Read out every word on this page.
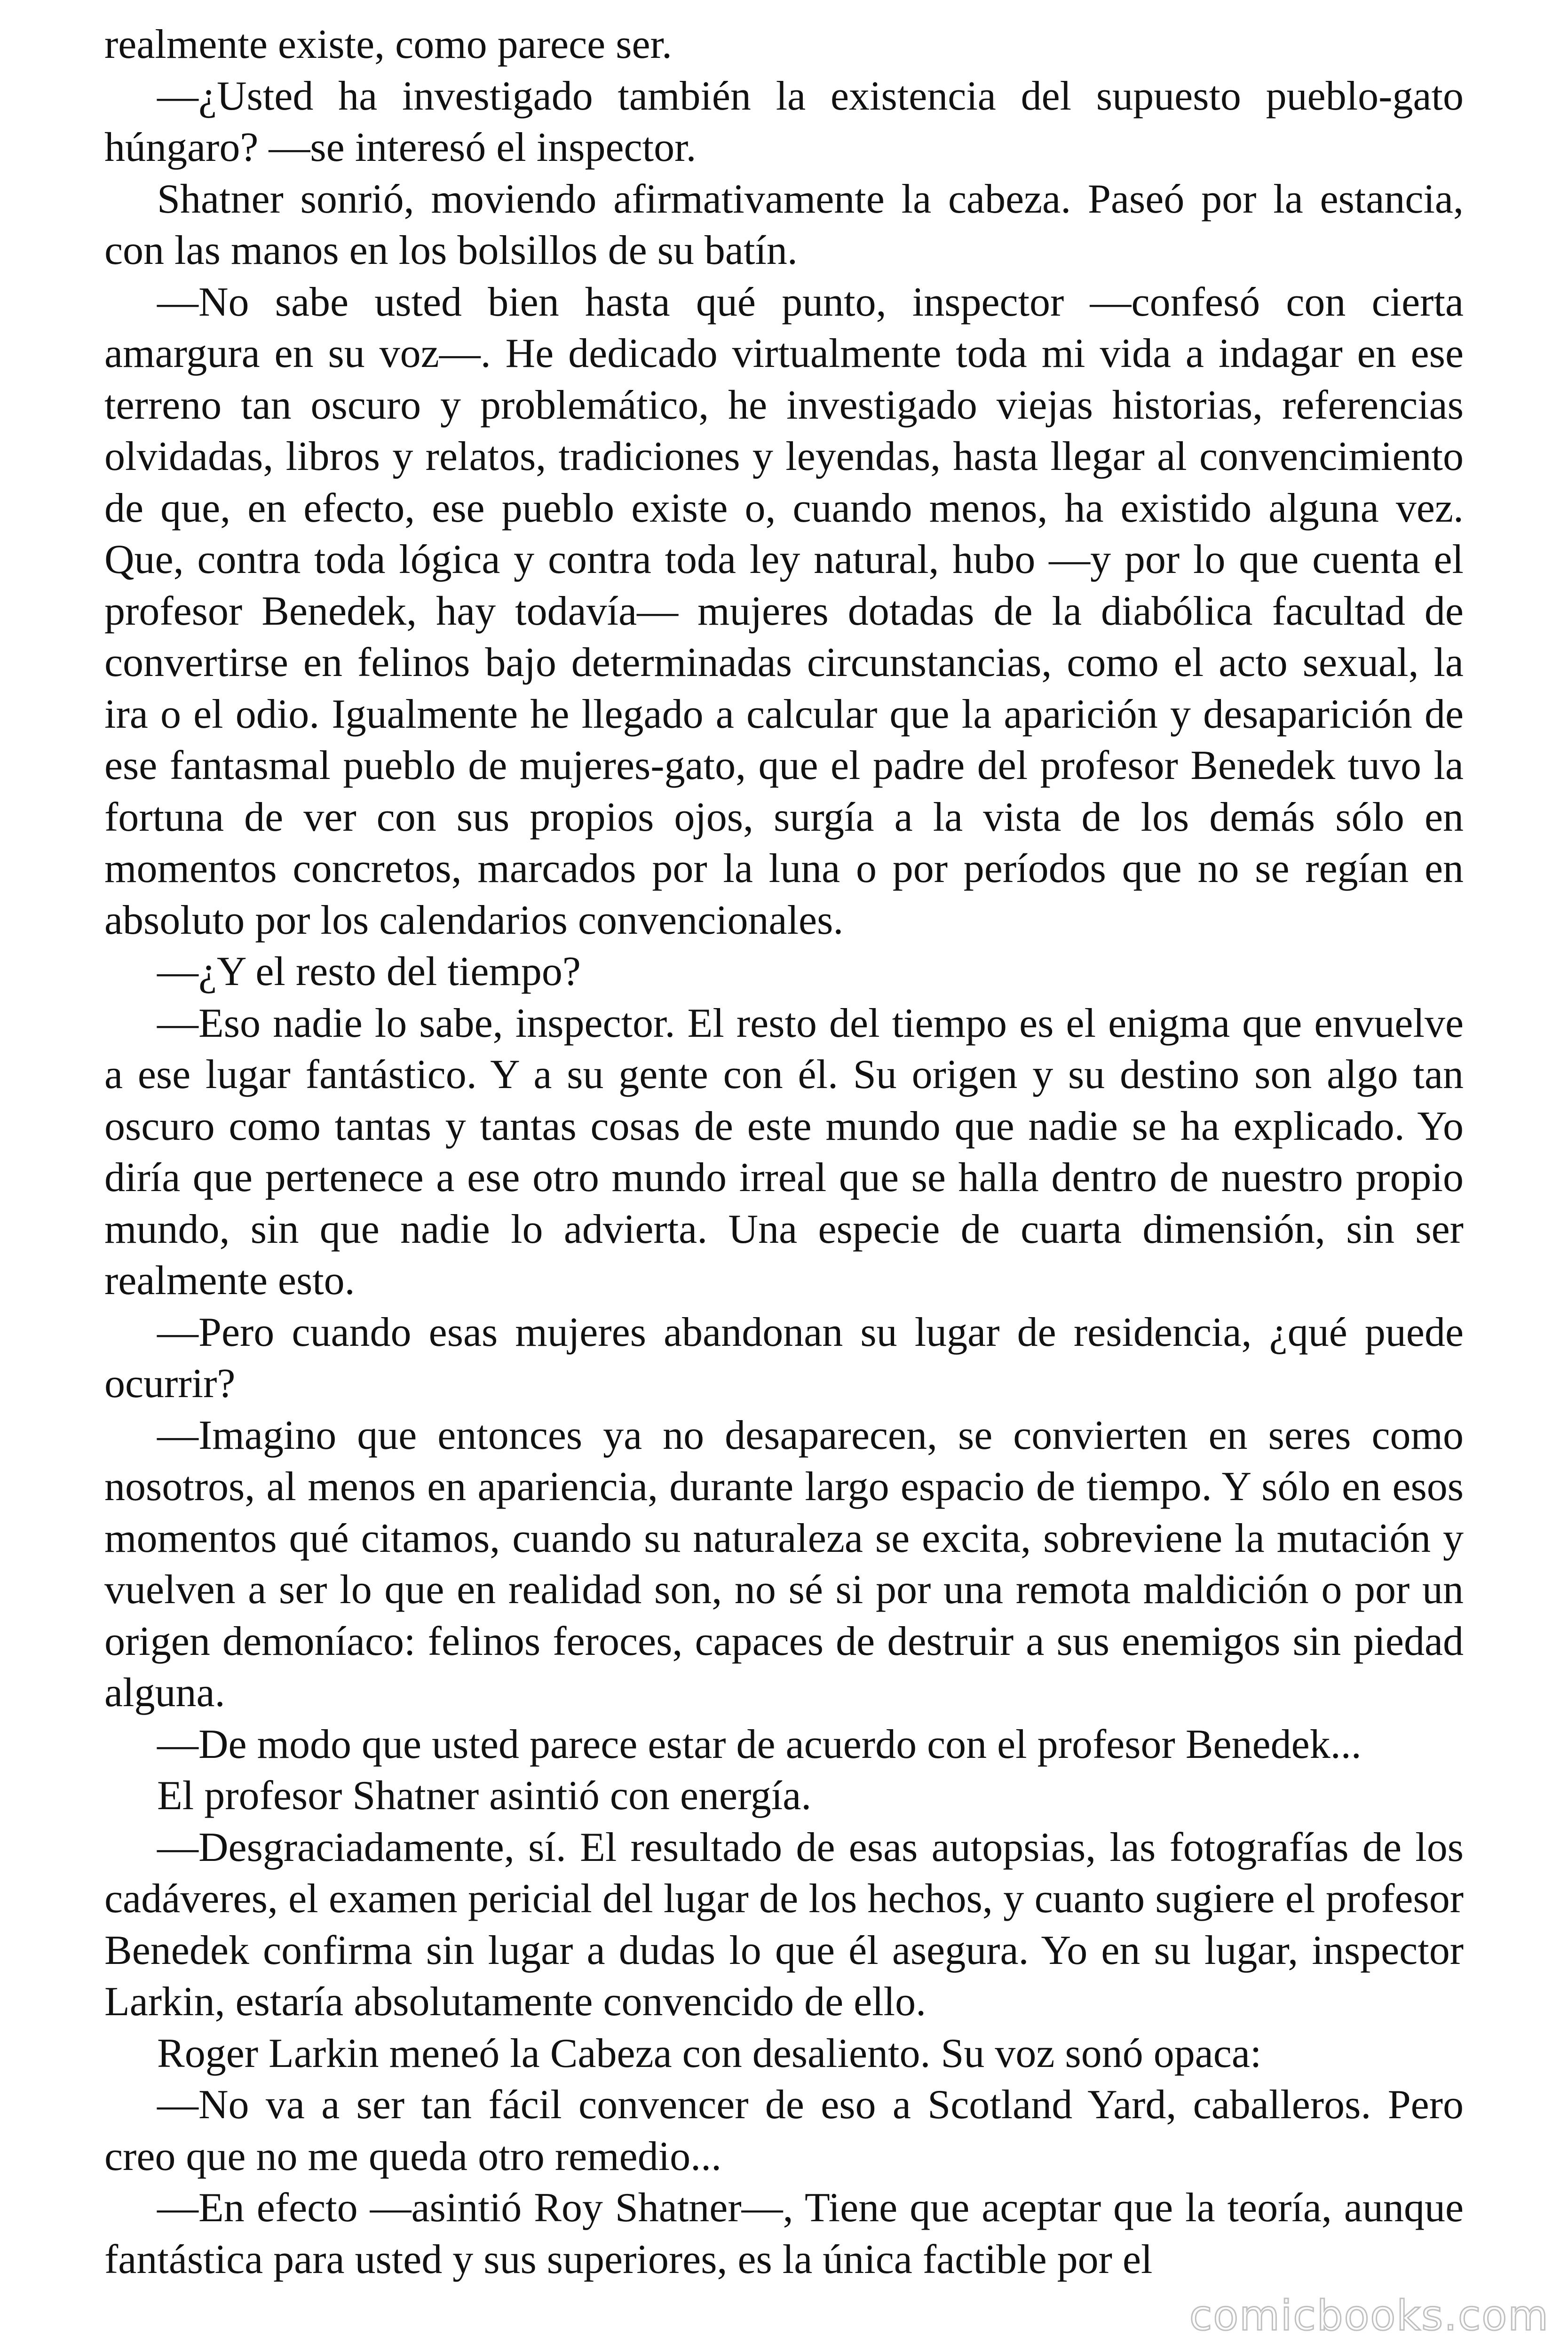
realmente existe, como parece ser.

—¿Usted ha investigado también la existencia del supuesto pueblo-gato húngaro? —se interesó el inspector.

Shatner sonrió, moviendo afirmativamente la cabeza. Paseó por la estancia, con las manos en los bolsillos de su batín.

—No sabe usted bien hasta qué punto, inspector —confesó con cierta amargura en su voz—. He dedicado virtualmente toda mi vida a indagar en ese terreno tan oscuro y problemático, he investigado viejas historias, referencias olvidadas, libros y relatos, tradiciones y leyendas, hasta llegar al convencimiento de que, en efecto, ese pueblo existe o, cuando menos, ha existido alguna vez. Que, contra toda lógica y contra toda ley natural, hubo —y por lo que cuenta el profesor Benedek, hay todavía— mujeres dotadas de la diabólica facultad de convertirse en felinos bajo determinadas circunstancias, como el acto sexual, la ira o el odio. Igualmente he llegado a calcular que la aparición y desaparición de ese fantasmal pueblo de mujeres-gato, que el padre del profesor Benedek tuvo la fortuna de ver con sus propios ojos, surgía a la vista de los demás sólo en momentos concretos, marcados por la luna o por períodos que no se regían en absoluto por los calendarios convencionales.

—¿Y el resto del tiempo?

—Eso nadie lo sabe, inspector. El resto del tiempo es el enigma que envuelve a ese lugar fantástico. Y a su gente con él. Su origen y su destino son algo tan oscuro como tantas y tantas cosas de este mundo que nadie se ha explicado. Yo diría que pertenece a ese otro mundo irreal que se halla dentro de nuestro propio mundo, sin que nadie lo advierta. Una especie de cuarta dimensión, sin ser realmente esto.

—Pero cuando esas mujeres abandonan su lugar de residencia, ¿qué puede ocurrir?

—Imagino que entonces ya no desaparecen, se convierten en seres como nosotros, al menos en apariencia, durante largo espacio de tiempo. Y sólo en esos momentos qué citamos, cuando su naturaleza se excita, sobreviene la mutación y vuelven a ser lo que en realidad son, no sé si por una remota maldición o por un origen demoníaco: felinos feroces, capaces de destruir a sus enemigos sin piedad alguna.

—De modo que usted parece estar de acuerdo con el profesor Benedek...

El profesor Shatner asintió con energía.

—Desgraciadamente, sí. El resultado de esas autopsias, las fotografías de los cadáveres, el examen pericial del lugar de los hechos, y cuanto sugiere el profesor Benedek confirma sin lugar a dudas lo que él asegura. Yo en su lugar, inspector Larkin, estaría absolutamente convencido de ello.

Roger Larkin meneó la Cabeza con desaliento. Su voz sonó opaca:

—No va a ser tan fácil convencer de eso a Scotland Yard, caballeros. Pero creo que no me queda otro remedio...

—En efecto —asintió Roy Shatner—, Tiene que aceptar que la teoría, aunque fantástica para usted y sus superiores, es la única factible por el

comicbooks.com
